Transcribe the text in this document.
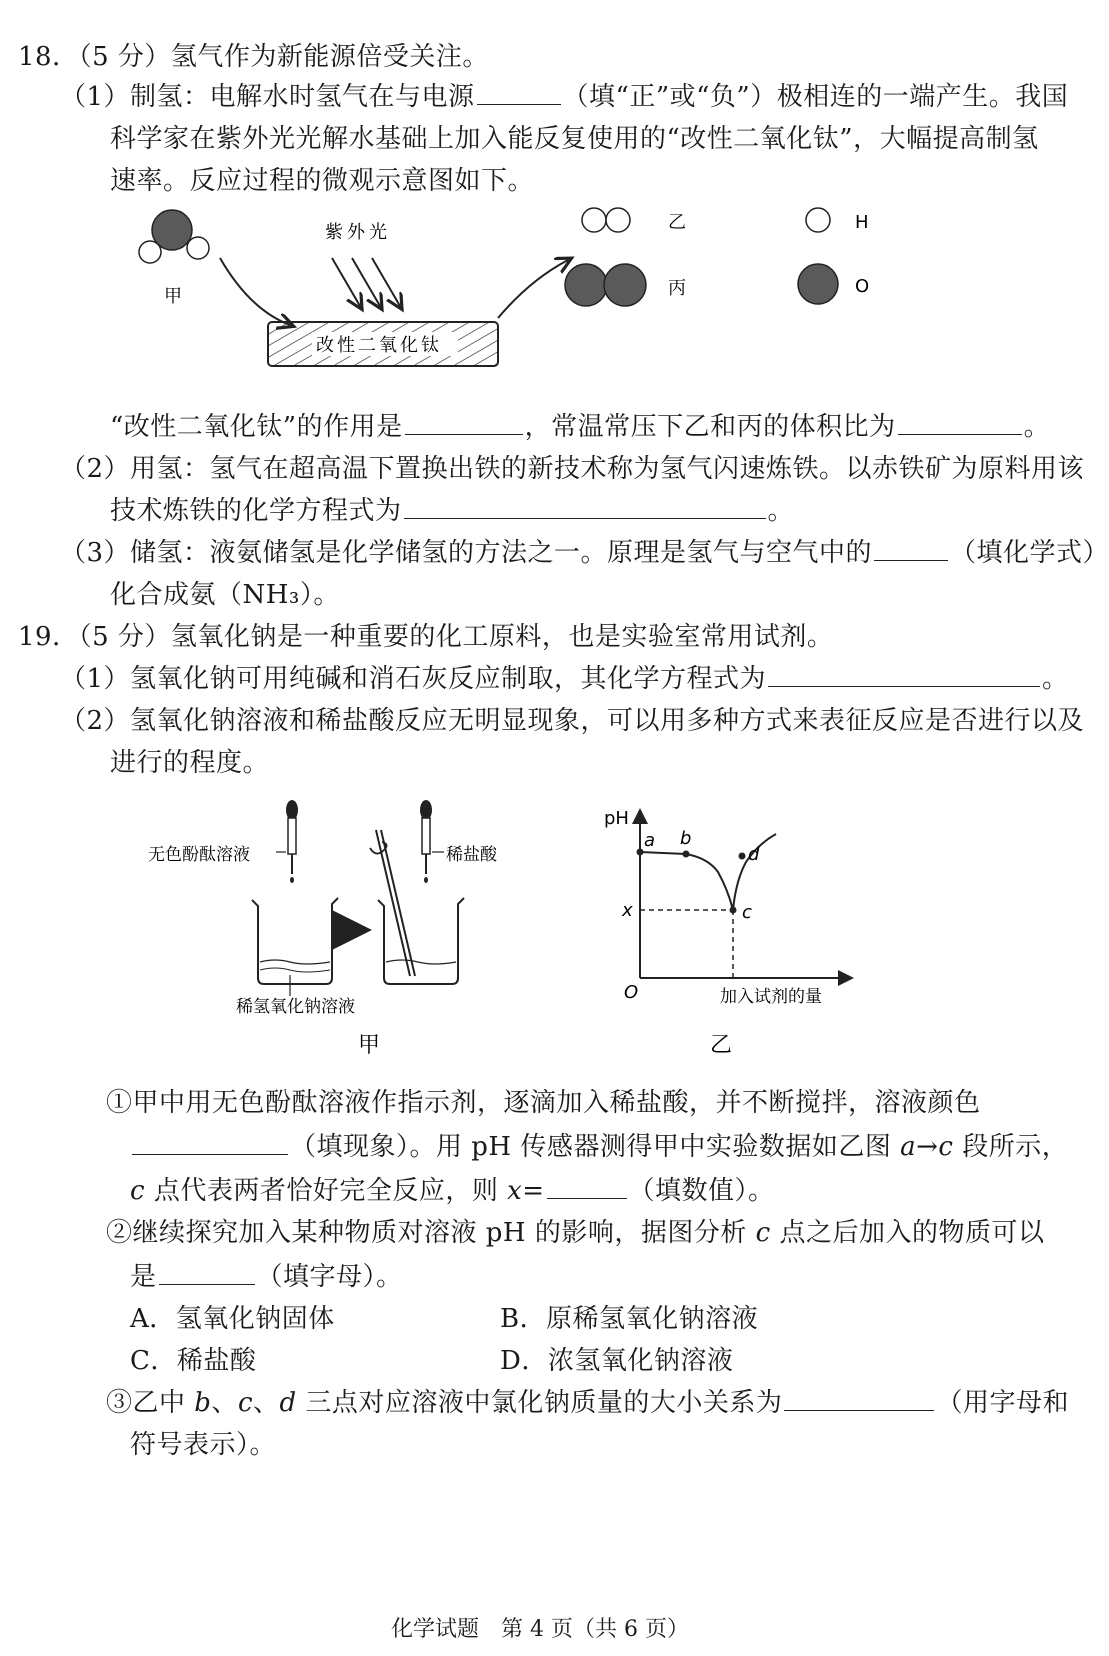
18．（5 分）氢气作为新能源倍受关注。
（1）制氢：电解水时氢气在与电源	（填“正”或“负”）极相连的一端产生。我国
科学家在紫外光光解水基础上加入能反复使用的“改性二氧化钛”，大幅提高制氢
速率。反应过程的微观示意图如下。
甲
紫外光
改性二氧化钛
乙
丙
H
O
“改性二氧化钛”的作用是	，常温常压下乙和丙的体积比为	。
（2）用氢：氢气在超高温下置换出铁的新技术称为氢气闪速炼铁。以赤铁矿为原料用该
技术炼铁的化学方程式为	。
（3）储氢：液氨储氢是化学储氢的方法之一。原理是氢气与空气中的	（填化学式）
化合成氨（NH₃）。
19．（5 分）氢氧化钠是一种重要的化工原料，也是实验室常用试剂。
（1）氢氧化钠可用纯碱和消石灰反应制取，其化学方程式为	。
（2）氢氧化钠溶液和稀盐酸反应无明显现象，可以用多种方式来表征反应是否进行以及
进行的程度。
无色酚酞溶液
稀氢氧化钠溶液
稀盐酸
甲
pH
O	加入试剂的量
x
a b
c
d
乙
①甲中用无色酚酞溶液作指示剂，逐滴加入稀盐酸，并不断搅拌，溶液颜色
（填现象）。用 pH 传感器测得甲中实验数据如乙图 a→c 段所示，
c 点代表两者恰好完全反应，则 x=	（填数值）。
②继续探究加入某种物质对溶液 pH 的影响，据图分析 c 点之后加入的物质可以
是	（填字母）。
A．氢氧化钠固体	B．原稀氢氧化钠溶液
C．稀盐酸	D．浓氢氧化钠溶液
③乙中 b、c、d 三点对应溶液中氯化钠质量的大小关系为	（用字母和
符号表示）。
化学试题　第 4 页（共 6 页）
